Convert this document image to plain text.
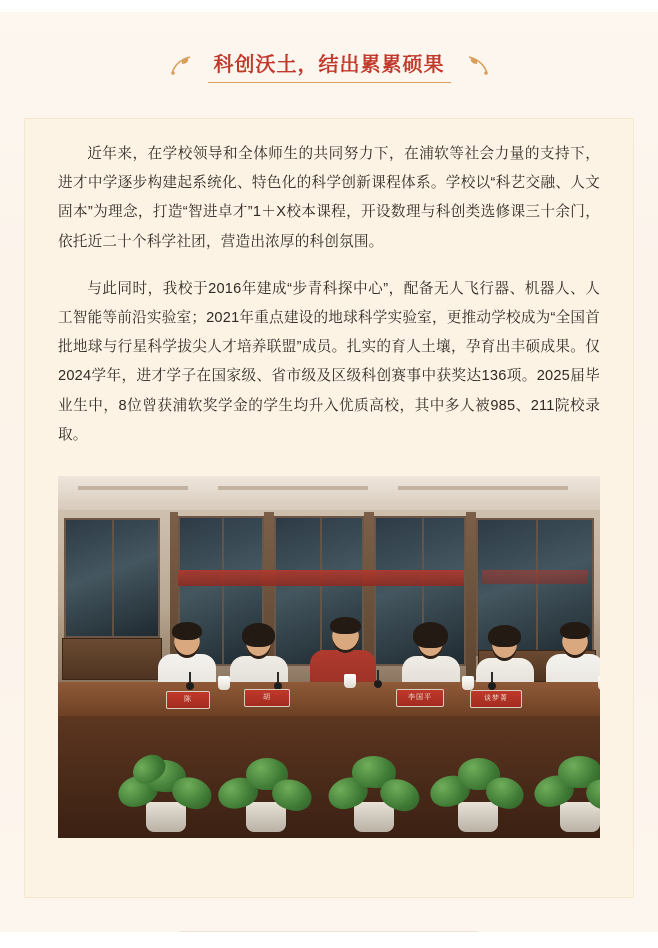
科创沃土，结出累累硕果

近年来，在学校领导和全体师生的共同努力下，在浦软等社会力量的支持下，进才中学逐步构建起系统化、特色化的科学创新课程体系。学校以“科艺交融、人文固本”为理念，打造“智进卓才”1＋X校本课程，开设数理与科创类选修课三十余门，依托近二十个科学社团，营造出浓厚的科创氛围。

与此同时，我校于2016年建成“步青科探中心”，配备无人飞行器、机器人、人工智能等前沿实验室；2021年重点建设的地球科学实验室，更推动学校成为“全国首批地球与行星科学拔尖人才培养联盟”成员。扎实的育人土壤，孕育出丰硕成果。仅2024学年，进才学子在国家级、省市级及区级科创赛事中获奖达136项。2025届毕业生中，8位曾获浦软奖学金的学生均升入优质高校，其中多人被985、211院校录取。

陈	胡	李国平	谈梦菁
